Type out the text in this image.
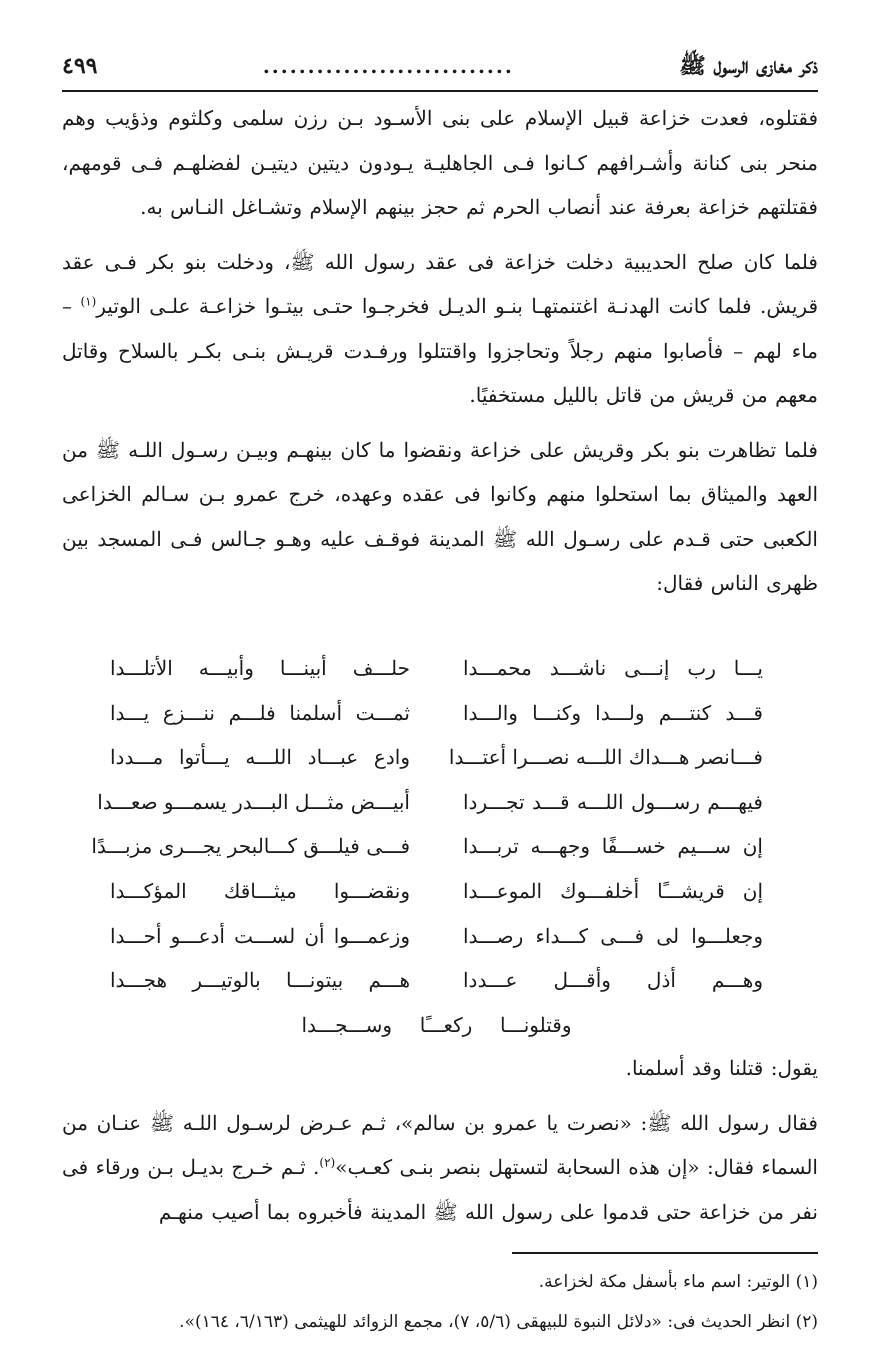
ذكر مغازى الرسول ﷺ
............................
٤٩٩

فقتلوه، فعدت خزاعة قبيل الإسلام على بنى الأسـود بـن رزن سلمى وكلثوم وذؤيب وهم منحر بنى كنانة وأشـرافهم كـانوا فـى الجاهليـة يـودون ديتين ديتيـن لفضلهـم فـى قومهم، فقتلتهم خزاعة بعرفة عند أنصاب الحرم ثم حجز بينهم الإسلام وتشـاغل النـاس به.

فلما كان صلح الحديبية دخلت خزاعة فى عقد رسول الله ﷺ، ودخلت بنو بكر فـى عقد قريش. فلما كانت الهدنـة اغتنمتهـا بنـو الديـل فخرجـوا حتـى بيتـوا خزاعـة علـى الوتير$^{(١)}$ – ماء لهم – فأصابوا منهم رجلاً وتحاجزوا واقتتلوا ورفـدت قريـش بنـى بكـر بالسلاح وقاتل معهم من قريش من قاتل بالليل مستخفيًا.

فلما تظاهرت بنو بكر وقريش على خزاعة ونقضوا ما كان بينهـم وبيـن رسـول اللـه ﷺ من العهد والميثاق بما استحلوا منهم وكانوا فى عقده وعهده، خرج عمرو بـن سـالم الخزاعى الكعبى حتى قـدم على رسـول الله ﷺ المدينة فوقـف عليه وهـو جـالس فـى المسجد بين ظهرى الناس فقال:

يـــا رب إنـــى ناشـــد محمـــدا
حلـــف أبينـــا وأبيـــه الأتلـــدا
قـــد كنتـــم ولـــدا وكنـــا والـــدا
ثمـــت أسلمنا فلـــم ننـــزع يـــدا
فـــانصر هـــداك اللـــه نصـــرا أعتـــدا
وادع عبـــاد اللـــه يـــأتوا مـــددا
فيهـــم رســـول اللـــه قـــد تجـــردا
أبيـــض مثـــل البـــدر يسمـــو صعـــدا
إن ســـيم خســـفًا وجهـــه تربـــدا
فـــى فيلـــق كـــالبحر يجـــرى مزبـــدًا
إن قريشـــًا أخلفـــوك الموعـــدا
ونقضـــوا ميثـــاقك المؤكـــدا
وجعلـــوا لى فـــى كـــداء رصـــدا
وزعمـــوا أن لســـت أدعـــو أحـــدا
وهـــم أذل وأقـــل عـــددا
هـــم بيتونـــا بالوتيـــر هجـــدا
وقتلونـــا ركعـــًا وســـجـــدا

يقول: قتلنا وقد أسلمنا.

فقال رسول الله ﷺ: «نصرت يا عمرو بن سالم»، ثـم عـرض لرسـول اللـه ﷺ عنـان من السماء فقال: «إن هذه السحابة لتستهل بنصر بنـى كعـب»$^{(٢)}$. ثـم خـرج بديـل بـن ورقاء فى نفر من خزاعة حتى قدموا على رسول الله ﷺ المدينة فأخبروه بما أصيب منهـم

(١) الوتير: اسم ماء بأسفل مكة لخزاعة.

(٢) انظر الحديث فى: «دلائل النبوة للبيهقى (٥/٦، ٧)، مجمع الزوائد للهيثمى (٦/١٦٣، ١٦٤)».
